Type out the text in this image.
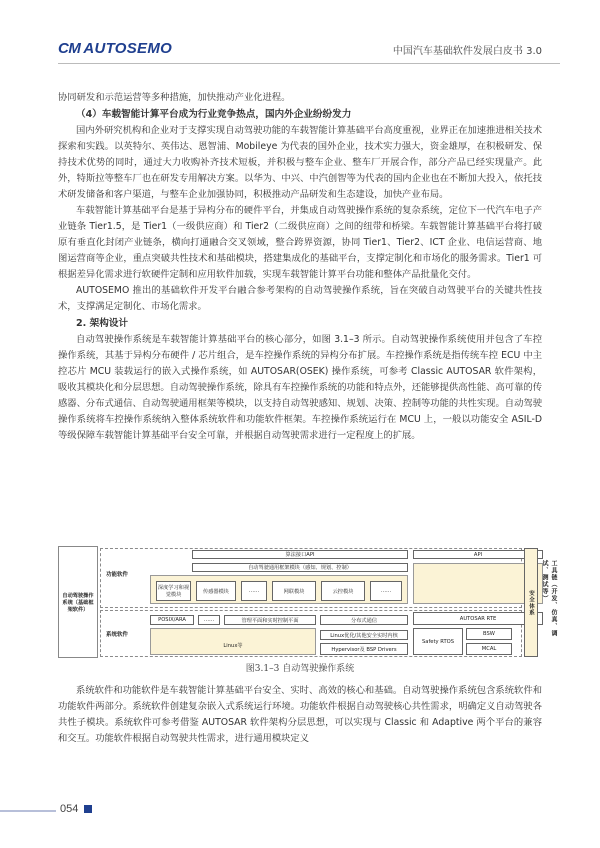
CM AUTOSEMO	中国汽车基础软件发展白皮书 3.0

协同研发和示范运营等多种措施，加快推动产业化进程。

（4）车载智能计算平台成为行业竞争热点，国内外企业纷纷发力

国内外研究机构和企业对于支撑实现自动驾驶功能的车载智能计算基础平台高度重视，业界正在加速推进相关技术探索和实践。以英特尔、英伟达、恩智浦、Mobileye 为代表的国外企业，技术实力强大，资金雄厚，在积极研发、保持技术优势的同时，通过大力收购补齐技术短板，并积极与整车企业、整车厂开展合作，部分产品已经实现量产。此外，特斯拉等整车厂也在研发专用解决方案。以华为、中兴、中汽创智等为代表的国内企业也在不断加大投入，依托技术研发储备和客户渠道，与整车企业加强协同，积极推动产品研发和生态建设，加快产业布局。

车载智能计算基础平台是基于异构分布的硬件平台，并集成自动驾驶操作系统的复杂系统，定位下一代汽车电子产业链条 Tier1.5，是 Tier1（一级供应商）和 Tier2（二级供应商）之间的纽带和桥梁。车载智能计算基础平台将打破原有垂直化封闭产业链条，横向打通融合交叉领域，整合跨界资源，协同 Tier1、Tier2、ICT 企业、电信运营商、地图运营商等企业，重点突破共性技术和基础模块，搭建集成化的基础平台，支撑定制化和市场化的服务需求。Tier1 可根据差异化需求进行软硬件定制和应用软件加载，实现车载智能计算平台功能和整体产品批量化交付。

AUTOSEMO 推出的基础软件开发平台融合参考架构的自动驾驶操作系统，旨在突破自动驾驶平台的关键共性技术，支撑满足定制化、市场化需求。

2. 架构设计

自动驾驶操作系统是车载智能计算基础平台的核心部分，如图 3.1–3 所示。自动驾驶操作系统使用并包含了车控操作系统，其基于异构分布硬件 / 芯片组合，是车控操作系统的异构分布扩展。车控操作系统是指传统车控 ECU 中主控芯片 MCU 装载运行的嵌入式操作系统，如 AUTOSAR(OSEK) 操作系统，可参考 Classic AUTOSAR 软件架构，吸收其模块化和分层思想。自动驾驶操作系统，除具有车控操作系统的功能和特点外，还能够提供高性能、高可靠的传感器、分布式通信、自动驾驶通用框架等模块，以支持自动驾驶感知、规划、决策、控制等功能的共性实现。自动驾驶操作系统将车控操作系统纳入整体系统软件和功能软件框架。车控操作系统运行在 MCU 上，一般以功能安全 ASIL-D 等级保障车载智能计算基础平台安全可靠，并根据自动驾驶需求进行一定程度上的扩展。

自动驾驶操作系统（基础框架软件）
功能软件
系统软件
算法接口API	API
自动驾驶通用框架模块（感知、规划、控制）
深度学习和视觉模块
传感器模块	……	网联模块	云控模块	……
POSIX/ARA	……	管理平面和实时控制平面	分布式通信	AUTOSAR RTE
Linux等
Linux优化/其他安全实时内核
Hypervisor及 BSP Drivers
Safety RTOS
BSW
MCAL
安全体系	工具链（开发、仿真、调试、测试等）
图3.1–3 自动驾驶操作系统

系统软件和功能软件是车载智能计算基础平台安全、实时、高效的核心和基础。自动驾驶操作系统包含系统软件和功能软件两部分。系统软件创建复杂嵌入式系统运行环境。功能软件根据自动驾驶核心共性需求，明确定义自动驾驶各共性子模块。系统软件可参考借鉴 AUTOSAR 软件架构分层思想，可以实现与 Classic 和 Adaptive 两个平台的兼容和交互。功能软件根据自动驾驶共性需求，进行通用模块定义

054
